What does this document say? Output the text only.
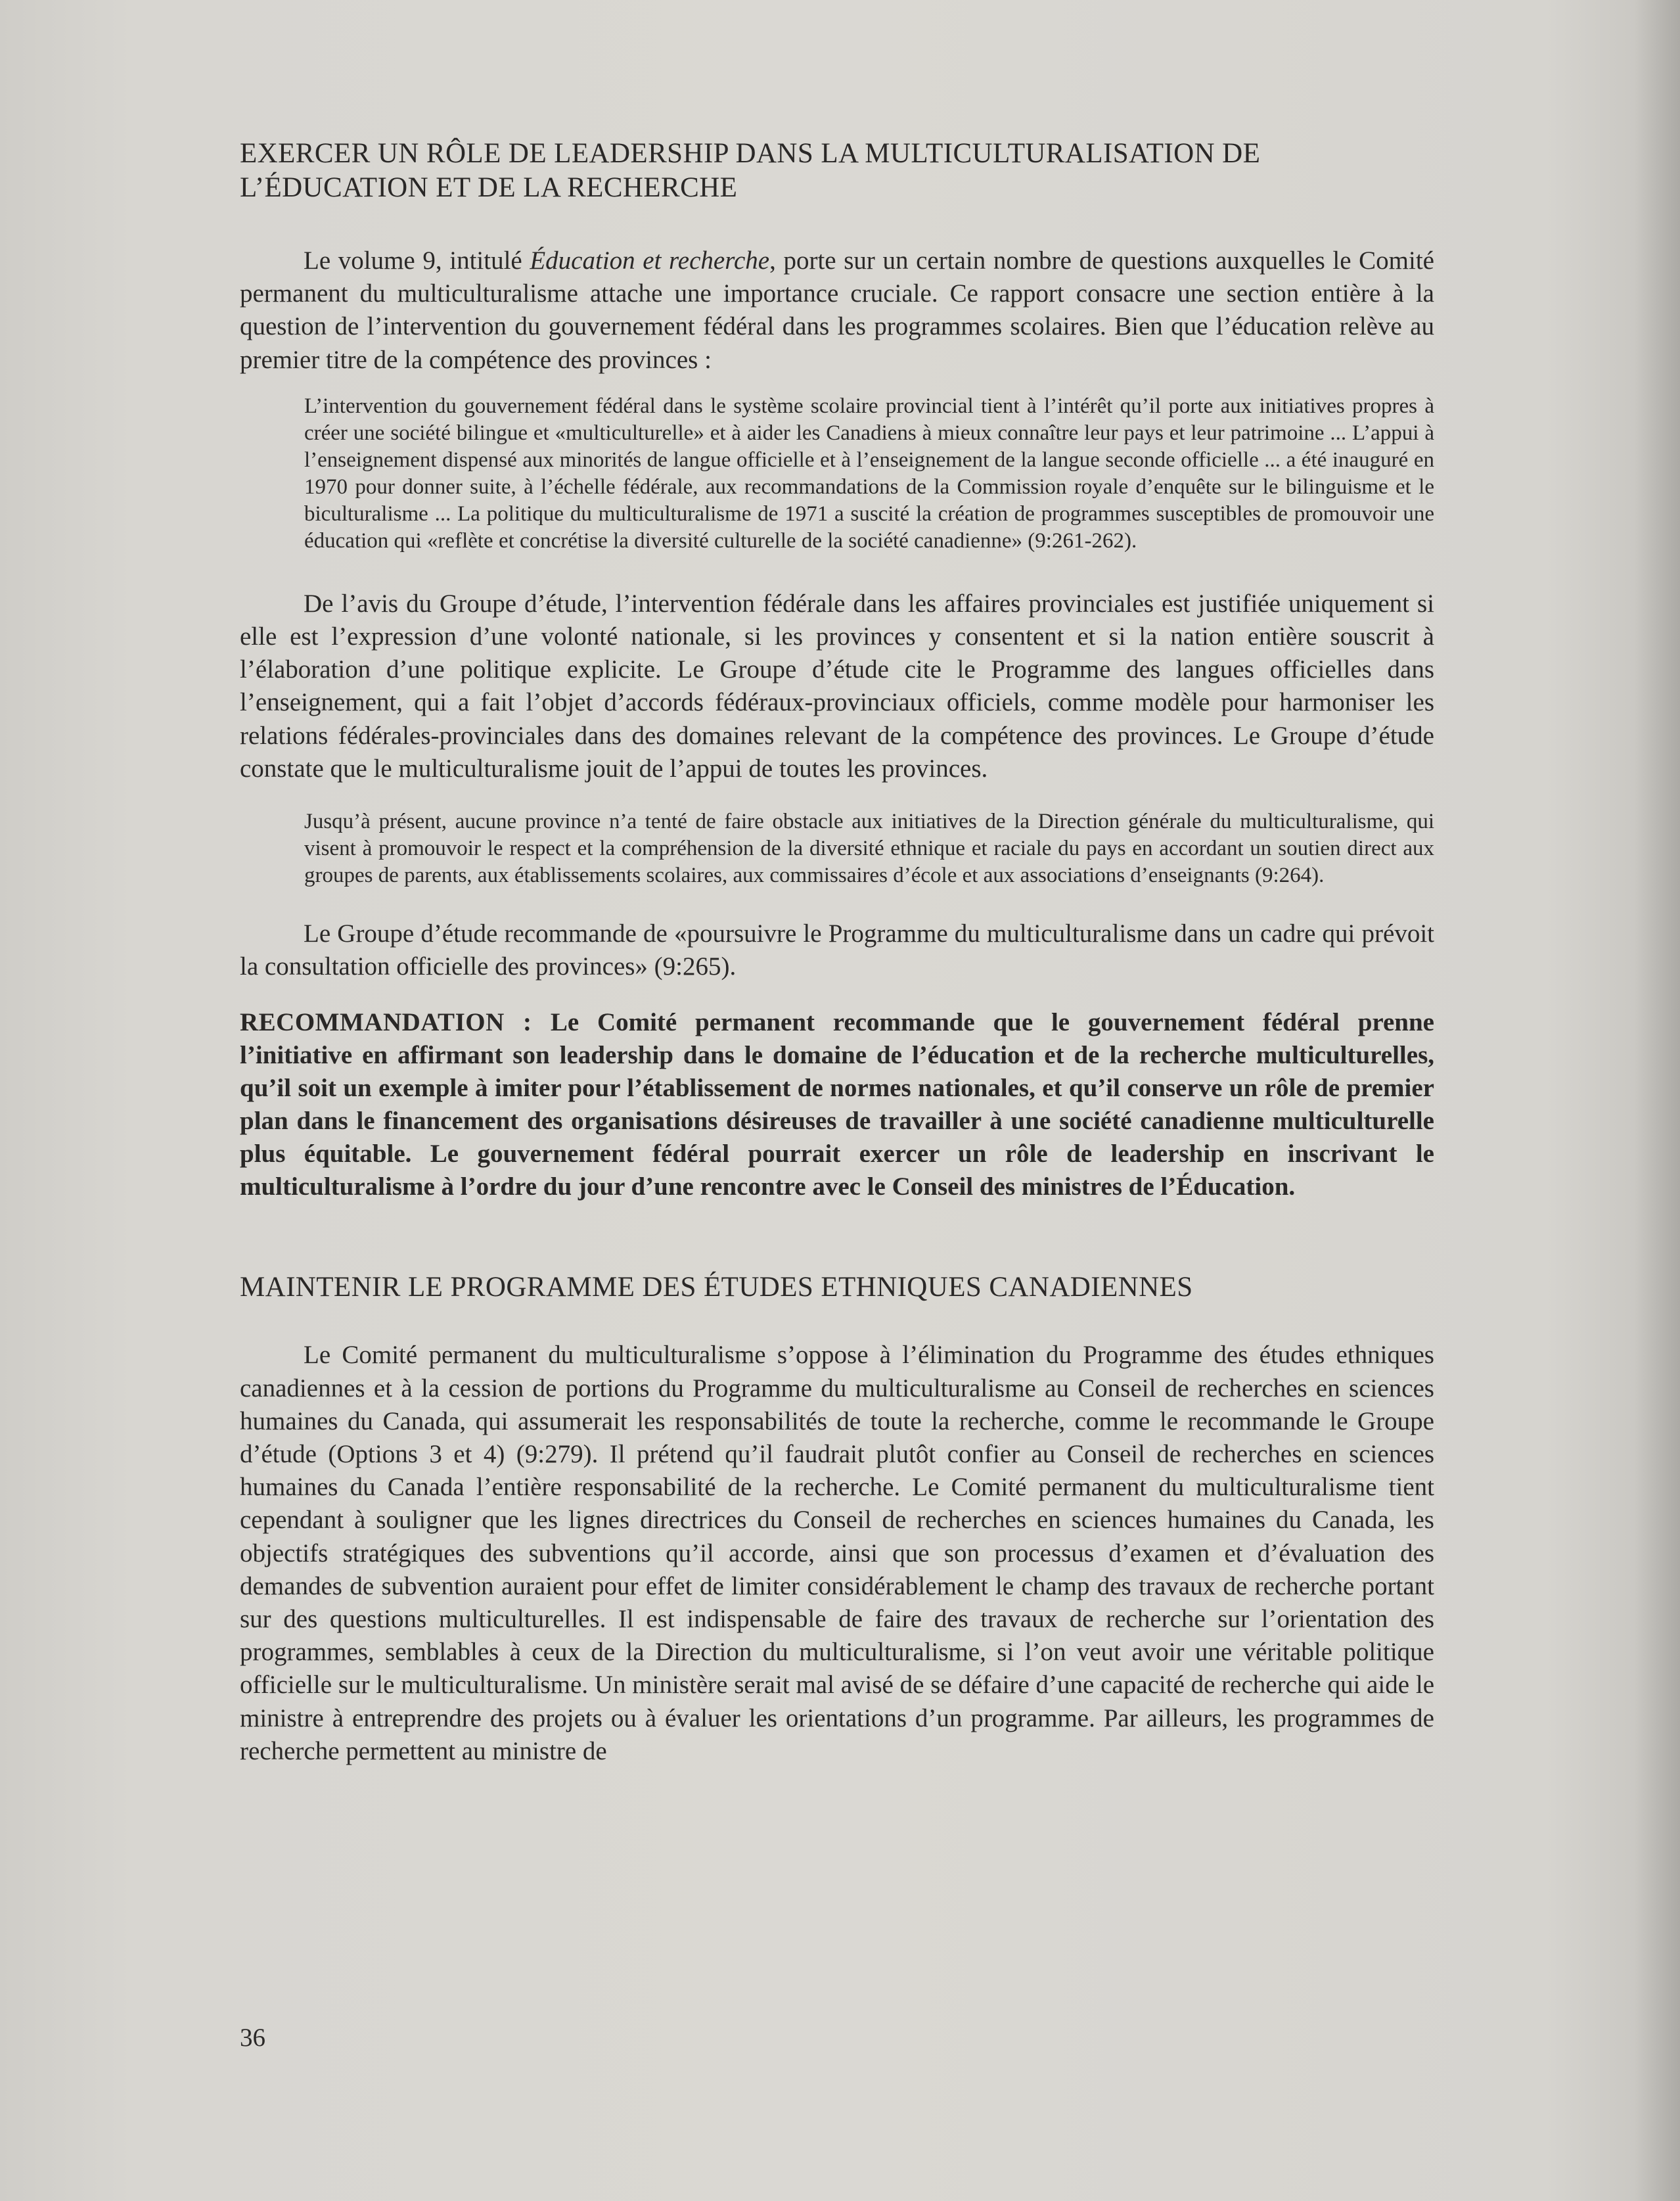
EXERCER UN RÔLE DE LEADERSHIP DANS LA MULTICULTURALISATION DE
L’ÉDUCATION ET DE LA RECHERCHE

Le volume 9, intitulé Éducation et recherche, porte sur un certain nombre de questions auxquelles le Comité permanent du multiculturalisme attache une importance cruciale. Ce rapport consacre une section entière à la question de l’intervention du gouvernement fédéral dans les programmes scolaires. Bien que l’éducation relève au premier titre de la compétence des provinces :

L’intervention du gouvernement fédéral dans le système scolaire provincial tient à l’intérêt qu’il porte aux initiatives propres à créer une société bilingue et «multiculturelle» et à aider les Canadiens à mieux connaître leur pays et leur patrimoine ... L’appui à l’enseignement dispensé aux minorités de langue officielle et à l’enseignement de la langue seconde officielle ... a été inauguré en 1970 pour donner suite, à l’échelle fédérale, aux recommandations de la Commission royale d’enquête sur le bilinguisme et le biculturalisme ... La politique du multiculturalisme de 1971 a suscité la création de programmes susceptibles de promouvoir une éducation qui «reflète et concrétise la diversité culturelle de la société canadienne» (9:261-262).

De l’avis du Groupe d’étude, l’intervention fédérale dans les affaires provinciales est justifiée uniquement si elle est l’expression d’une volonté nationale, si les provinces y consentent et si la nation entière souscrit à l’élaboration d’une politique explicite. Le Groupe d’étude cite le Programme des langues officielles dans l’enseignement, qui a fait l’objet d’accords fédéraux-provinciaux officiels, comme modèle pour harmoniser les relations fédérales-provinciales dans des domaines relevant de la compétence des provinces. Le Groupe d’étude constate que le multiculturalisme jouit de l’appui de toutes les provinces.

Jusqu’à présent, aucune province n’a tenté de faire obstacle aux initiatives de la Direction générale du multiculturalisme, qui visent à promouvoir le respect et la compréhension de la diversité ethnique et raciale du pays en accordant un soutien direct aux groupes de parents, aux établissements scolaires, aux commissaires d’école et aux associations d’enseignants (9:264).

Le Groupe d’étude recommande de «poursuivre le Programme du multiculturalisme dans un cadre qui prévoit la consultation officielle des provinces» (9:265).

RECOMMANDATION : Le Comité permanent recommande que le gouvernement fédéral prenne l’initiative en affirmant son leadership dans le domaine de l’éducation et de la recherche multiculturelles, qu’il soit un exemple à imiter pour l’établissement de normes nationales, et qu’il conserve un rôle de premier plan dans le financement des organisations désireuses de travailler à une société canadienne multiculturelle plus équitable. Le gouvernement fédéral pourrait exercer un rôle de leadership en inscrivant le multiculturalisme à l’ordre du jour d’une rencontre avec le Conseil des ministres de l’Éducation.

MAINTENIR LE PROGRAMME DES ÉTUDES ETHNIQUES CANADIENNES

Le Comité permanent du multiculturalisme s’oppose à l’élimination du Programme des études ethniques canadiennes et à la cession de portions du Programme du multiculturalisme au Conseil de recherches en sciences humaines du Canada, qui assumerait les responsabilités de toute la recherche, comme le recommande le Groupe d’étude (Options 3 et 4) (9:279). Il prétend qu’il faudrait plutôt confier au Conseil de recherches en sciences humaines du Canada l’entière responsabilité de la recherche. Le Comité permanent du multiculturalisme tient cependant à souligner que les lignes directrices du Conseil de recherches en sciences humaines du Canada, les objectifs stratégiques des subventions qu’il accorde, ainsi que son processus d’examen et d’évaluation des demandes de subvention auraient pour effet de limiter considérablement le champ des travaux de recherche portant sur des questions multiculturelles. Il est indispensable de faire des travaux de recherche sur l’orientation des programmes, semblables à ceux de la Direction du multiculturalisme, si l’on veut avoir une véritable politique officielle sur le multiculturalisme. Un ministère serait mal avisé de se défaire d’une capacité de recherche qui aide le ministre à entreprendre des projets ou à évaluer les orientations d’un programme. Par ailleurs, les programmes de recherche permettent au ministre de

36
